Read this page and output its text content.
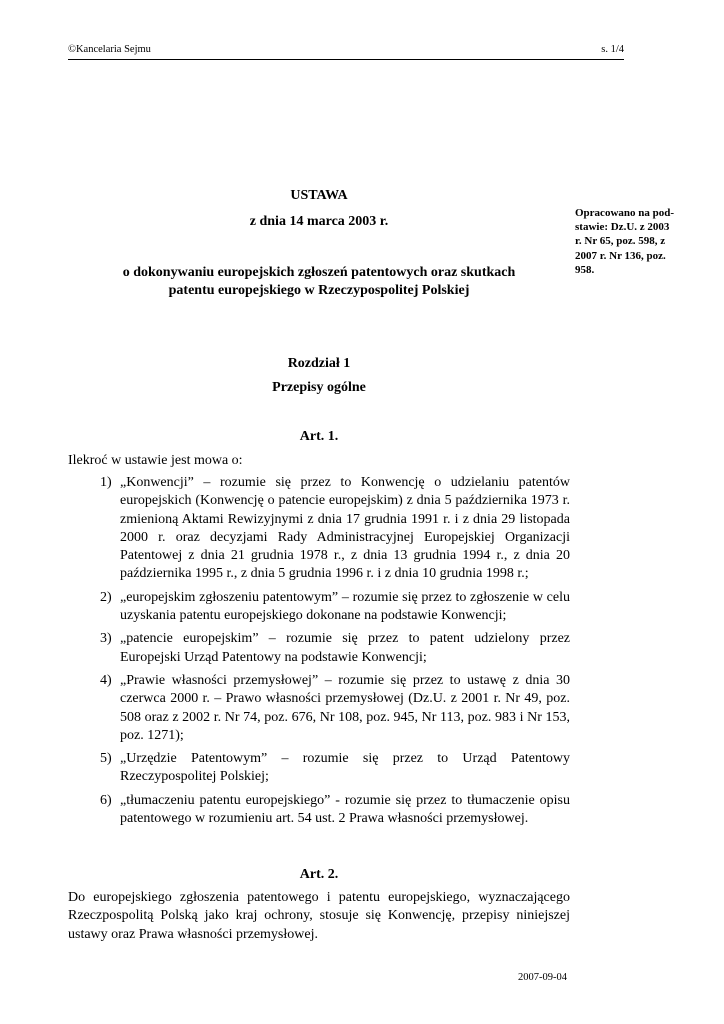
©Kancelaria Sejmu	s. 1/4
USTAWA
z dnia 14 marca 2003 r.
o dokonywaniu europejskich zgłoszeń patentowych oraz skutkach
patentu europejskiego w Rzeczypospolitej Polskiej
Opracowano na pod-
stawie: Dz.U. z 2003
r. Nr 65, poz. 598, z
2007 r. Nr 136, poz.
958.
Rozdział 1
Przepisy ogólne
Art. 1.
Ilekroć w ustawie jest mowa o:
1) „Konwencji” – rozumie się przez to Konwencję o udzielaniu patentów europejskich (Konwencję o patencie europejskim) z dnia 5 października 1973 r. zmienioną Aktami Rewizyjnymi z dnia 17 grudnia 1991 r. i z dnia 29 listopada 2000 r. oraz decyzjami Rady Administracyjnej Europejskiej Organizacji Patentowej z dnia 21 grudnia 1978 r., z dnia 13 grudnia 1994 r., z dnia 20 października 1995 r., z dnia 5 grudnia 1996 r. i z dnia 10 grudnia 1998 r.;
2) „europejskim zgłoszeniu patentowym” – rozumie się przez to zgłoszenie w celu uzyskania patentu europejskiego dokonane na podstawie Konwencji;
3) „patencie europejskim” – rozumie się przez to patent udzielony przez Europejski Urząd Patentowy na podstawie Konwencji;
4) „Prawie własności przemysłowej” – rozumie się przez to ustawę z dnia 30 czerwca 2000 r. – Prawo własności przemysłowej (Dz.U. z 2001 r. Nr 49, poz. 508 oraz z 2002 r. Nr 74, poz. 676, Nr 108, poz. 945, Nr 113, poz. 983 i Nr 153, poz. 1271);
5) „Urzędzie Patentowym” – rozumie się przez to Urząd Patentowy Rzeczypospolitej Polskiej;
6) „tłumaczeniu patentu europejskiego” - rozumie się przez to tłumaczenie opisu patentowego w rozumieniu art. 54 ust. 2 Prawa własności przemysłowej.
Art. 2.
Do europejskiego zgłoszenia patentowego i patentu europejskiego, wyznaczającego Rzeczpospolitą Polską jako kraj ochrony, stosuje się Konwencję, przepisy niniejszej ustawy oraz Prawa własności przemysłowej.
2007-09-04
